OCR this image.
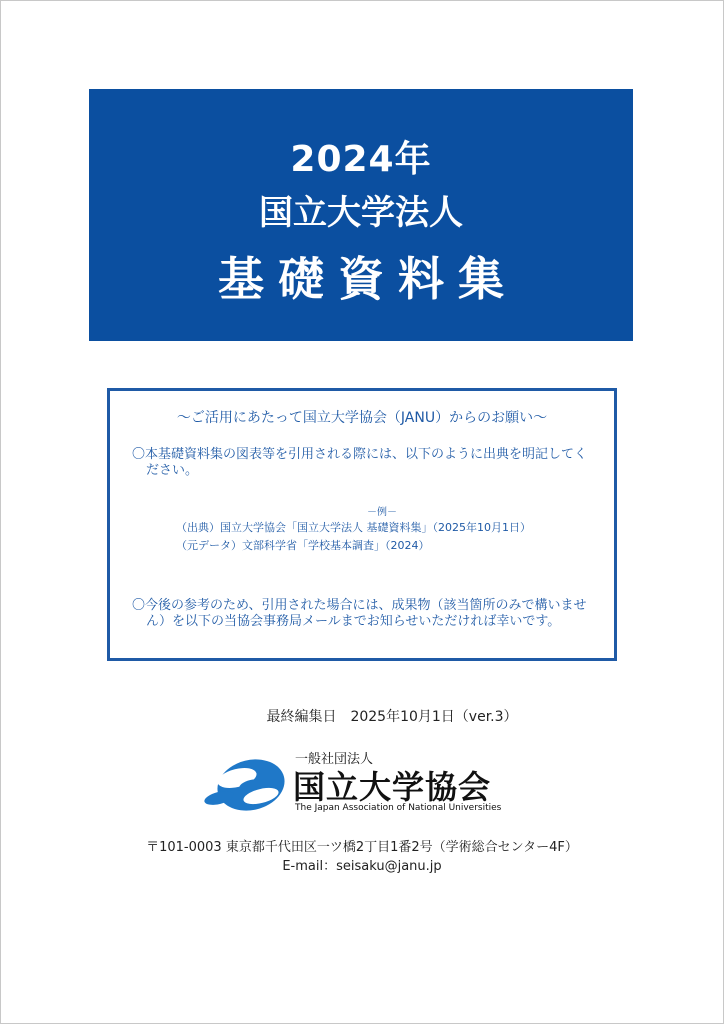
2024年
国立大学法人
基礎資料集
～ご活用にあたって国立大学協会（JANU）からのお願い～
〇本基礎資料集の図表等を引用される際には、以下のように出典を明記してください。
－例－
（出典）国立大学協会「国立大学法人 基礎資料集」（2025年10月1日）
（元データ）文部科学省「学校基本調査」（2024）
〇今後の参考のため、引用された場合には、成果物（該当箇所のみで構いません）を以下の当協会事務局メールまでお知らせいただければ幸いです。
最終編集日　2025年10月1日（ver.3）
一般社団法人
国立大学協会
The Japan Association of National Universities
〒101‐0003 東京都千代田区一ツ橋2丁目1番2号（学術総合センター4F）
E-mail：seisaku@janu.jp
